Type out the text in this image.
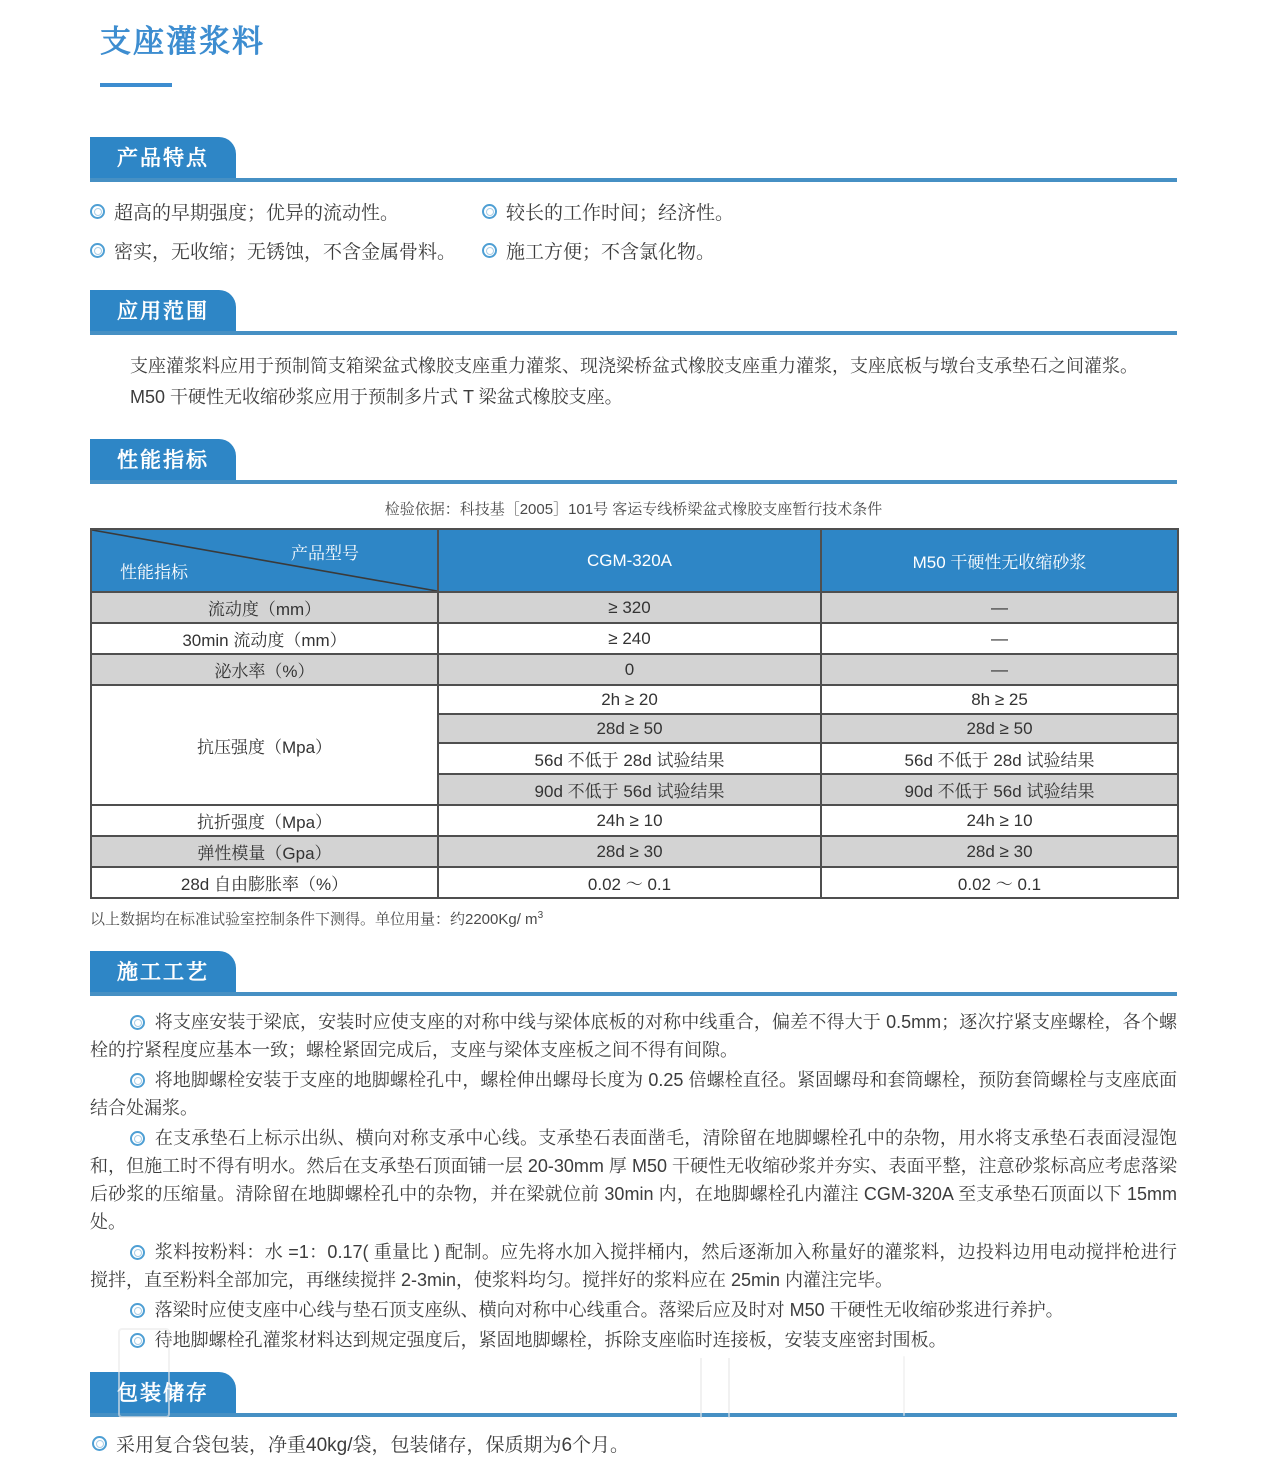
支座灌浆料
产品特点
超高的早期强度；优异的流动性。
密实，无收缩；无锈蚀，不含金属骨料。
较长的工作时间；经济性。
施工方便；不含氯化物。
应用范围

支座灌浆料应用于预制简支箱梁盆式橡胶支座重力灌浆、现浇梁桥盆式橡胶支座重力灌浆，支座底板与墩台支承垫石之间灌浆。

M50 干硬性无收缩砂浆应用于预制多片式 T 梁盆式橡胶支座。

性能指标
检验依据：科技基［2005］101号 客运专线桥梁盆式橡胶支座暂行技术条件
产品型号
性能指标	CGM-320A	M50 干硬性无收缩砂浆
流动度（mm）	≥ 320	—
30min 流动度（mm）	≥ 240	—
泌水率（%）	0	—
抗压强度（Mpa）	2h ≥ 20	8h ≥ 25
	28d ≥ 50	28d ≥ 50
	56d 不低于 28d 试验结果	56d 不低于 28d 试验结果
	90d 不低于 56d 试验结果	90d 不低于 56d 试验结果
抗折强度（Mpa）	24h ≥ 10	24h ≥ 10
弹性模量（Gpa）	28d ≥ 30	28d ≥ 30
28d 自由膨胀率（%）	0.02 ～ 0.1	0.02 ～ 0.1
以上数据均在标准试验室控制条件下测得。单位用量：约2200Kg/ $m^3$
施工工艺

将支座安装于梁底，安装时应使支座的对称中线与梁体底板的对称中线重合，偏差不得大于 0.5mm；逐次拧紧支座螺栓，各个螺栓的拧紧程度应基本一致；螺栓紧固完成后，支座与梁体支座板之间不得有间隙。

将地脚螺栓安装于支座的地脚螺栓孔中，螺栓伸出螺母长度为 0.25 倍螺栓直径。紧固螺母和套筒螺栓，预防套筒螺栓与支座底面结合处漏浆。

在支承垫石上标示出纵、横向对称支承中心线。支承垫石表面凿毛，清除留在地脚螺栓孔中的杂物，用水将支承垫石表面浸湿饱和，但施工时不得有明水。然后在支承垫石顶面铺一层 20-30mm 厚 M50 干硬性无收缩砂浆并夯实、表面平整，注意砂浆标高应考虑落梁后砂浆的压缩量。清除留在地脚螺栓孔中的杂物，并在梁就位前 30min 内，在地脚螺栓孔内灌注 CGM-320A 至支承垫石顶面以下 15mm 处。

浆料按粉料：水 =1：0.17( 重量比 ) 配制。应先将水加入搅拌桶内，然后逐渐加入称量好的灌浆料，边投料边用电动搅拌枪进行搅拌，直至粉料全部加完，再继续搅拌 2-3min，使浆料均匀。搅拌好的浆料应在 25min 内灌注完毕。

落梁时应使支座中心线与垫石顶支座纵、横向对称中心线重合。落梁后应及时对 M50 干硬性无收缩砂浆进行养护。

待地脚螺栓孔灌浆材料达到规定强度后，紧固地脚螺栓，拆除支座临时连接板，安装支座密封围板。

包装储存
采用复合袋包装，净重40kg/袋，包装储存，保质期为6个月。
